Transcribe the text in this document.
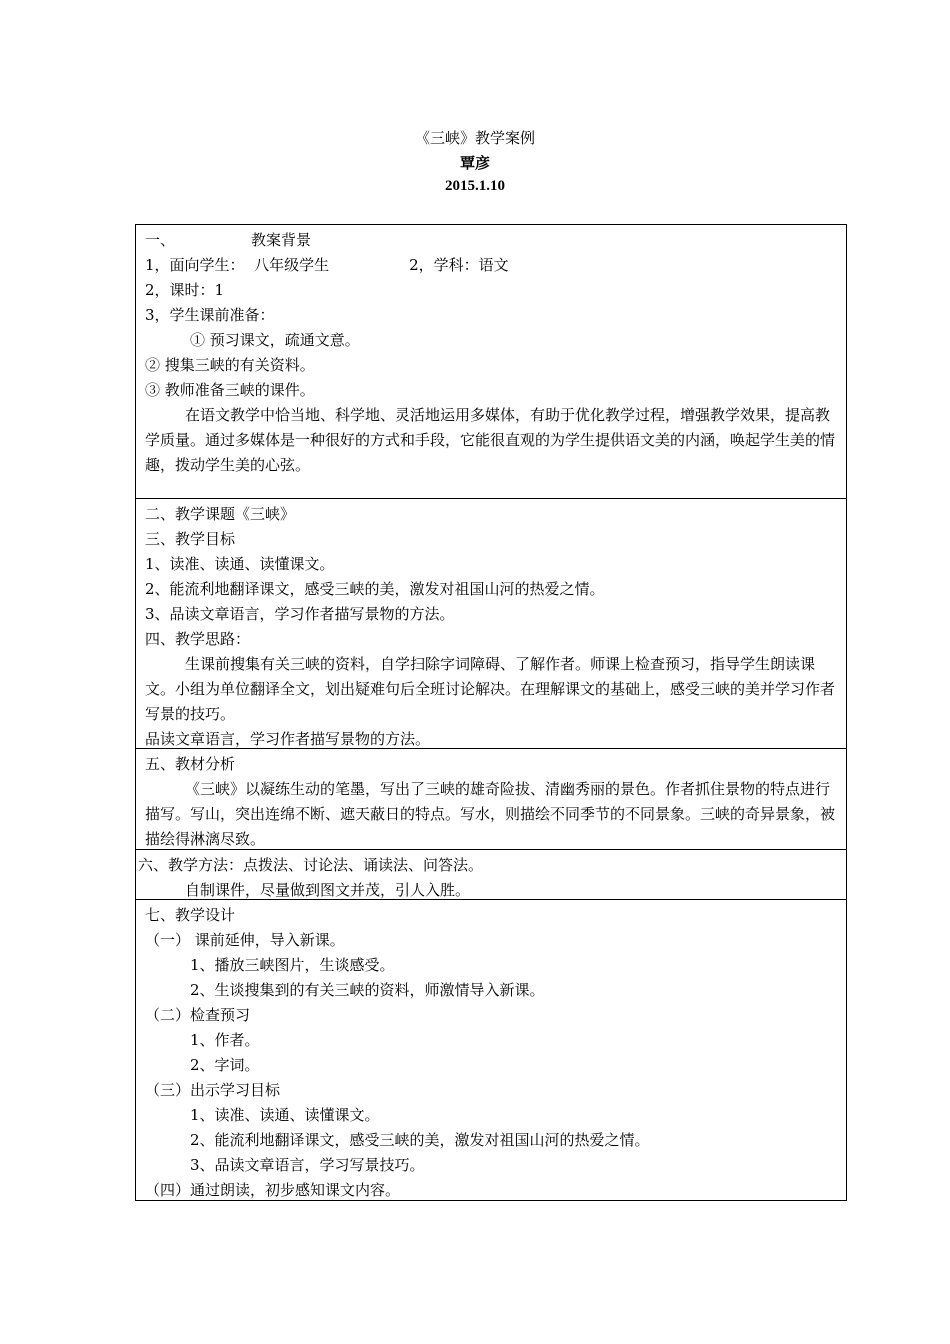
《三峡》教学案例
覃彦
2015.1.10
一、	教案背景
1，面向学生： 八年级学生	2，学科：语文
2，课时：1
3，学生课前准备：
① 预习课文，疏通文意。
② 搜集三峡的有关资料。
③ 教师准备三峡的课件。
在语文教学中恰当地、科学地、灵活地运用多媒体，有助于优化教学过程，增强教学效果，提高教学质量。通过多媒体是一种很好的方式和手段，它能很直观的为学生提供语文美的内涵，唤起学生美的情趣，拨动学生美的心弦。
二、教学课题《三峡》
三、教学目标
1、读准、读通、读懂课文。
2、能流利地翻译课文，感受三峡的美，激发对祖国山河的热爱之情。
3、品读文章语言，学习作者描写景物的方法。
四、教学思路：
生课前搜集有关三峡的资料，自学扫除字词障碍、了解作者。师课上检查预习，指导学生朗读课文。小组为单位翻译全文，划出疑难句后全班讨论解决。在理解课文的基础上，感受三峡的美并学习作者写景的技巧。
品读文章语言，学习作者描写景物的方法。
五、教材分析
《三峡》以凝练生动的笔墨，写出了三峡的雄奇险拔、清幽秀丽的景色。作者抓住景物的特点进行描写。写山，突出连绵不断、遮天蔽日的特点。写水，则描绘不同季节的不同景象。三峡的奇异景象，被描绘得淋漓尽致。
六、教学方法：点拨法、讨论法、诵读法、问答法。
自制课件，尽量做到图文并茂，引人入胜。
七、教学设计
（一） 课前延伸，导入新课。
1、播放三峡图片，生谈感受。
2、生谈搜集到的有关三峡的资料，师激情导入新课。
（二）检查预习
1、作者。
2、字词。
（三）出示学习目标
1、读准、读通、读懂课文。
2、能流利地翻译课文，感受三峡的美，激发对祖国山河的热爱之情。
3、品读文章语言，学习写景技巧。
（四）通过朗读，初步感知课文内容。
